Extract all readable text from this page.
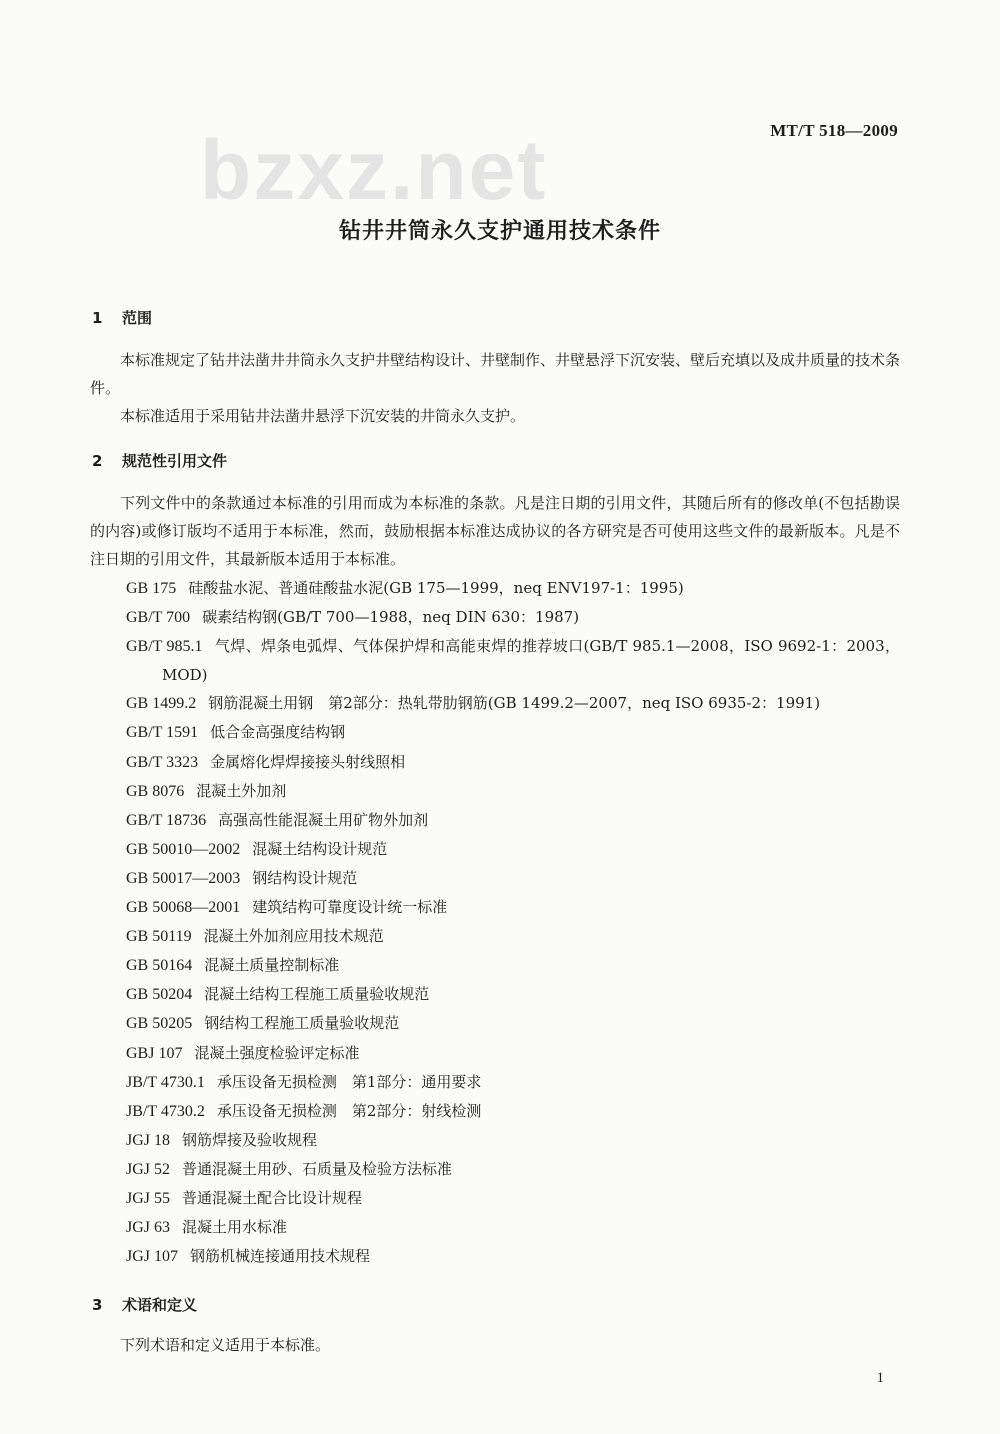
MT/T 518—2009
bzxz.net
钻井井筒永久支护通用技术条件
1 范围

本标准规定了钻井法凿井井筒永久支护井壁结构设计、井壁制作、井壁悬浮下沉安装、壁后充填以及成井质量的技术条件。

本标准适用于采用钻井法凿井悬浮下沉安装的井筒永久支护。

2 规范性引用文件

下列文件中的条款通过本标准的引用而成为本标准的条款。凡是注日期的引用文件，其随后所有的修改单(不包括勘误的内容)或修订版均不适用于本标准，然而，鼓励根据本标准达成协议的各方研究是否可使用这些文件的最新版本。凡是不注日期的引用文件，其最新版本适用于本标准。

GB 175 硅酸盐水泥、普通硅酸盐水泥(GB 175—1999，neq ENV197-1：1995)
GB/T 700 碳素结构钢(GB/T 700—1988，neq DIN 630：1987)
GB/T 985.1 气焊、焊条电弧焊、气体保护焊和高能束焊的推荐坡口(GB/T 985.1—2008，ISO 9692-1：2003，MOD)
GB 1499.2 钢筋混凝土用钢　第2部分：热轧带肋钢筋(GB 1499.2—2007，neq ISO 6935-2：1991)
GB/T 1591 低合金高强度结构钢
GB/T 3323 金属熔化焊焊接接头射线照相
GB 8076 混凝土外加剂
GB/T 18736 高强高性能混凝土用矿物外加剂
GB 50010—2002 混凝土结构设计规范
GB 50017—2003 钢结构设计规范
GB 50068—2001 建筑结构可靠度设计统一标准
GB 50119 混凝土外加剂应用技术规范
GB 50164 混凝土质量控制标准
GB 50204 混凝土结构工程施工质量验收规范
GB 50205 钢结构工程施工质量验收规范
GBJ 107 混凝土强度检验评定标准
JB/T 4730.1 承压设备无损检测　第1部分：通用要求
JB/T 4730.2 承压设备无损检测　第2部分：射线检测
JGJ 18 钢筋焊接及验收规程
JGJ 52 普通混凝土用砂、石质量及检验方法标准
JGJ 55 普通混凝土配合比设计规程
JGJ 63 混凝土用水标准
JGJ 107 钢筋机械连接通用技术规程
3 术语和定义

下列术语和定义适用于本标准。

1
